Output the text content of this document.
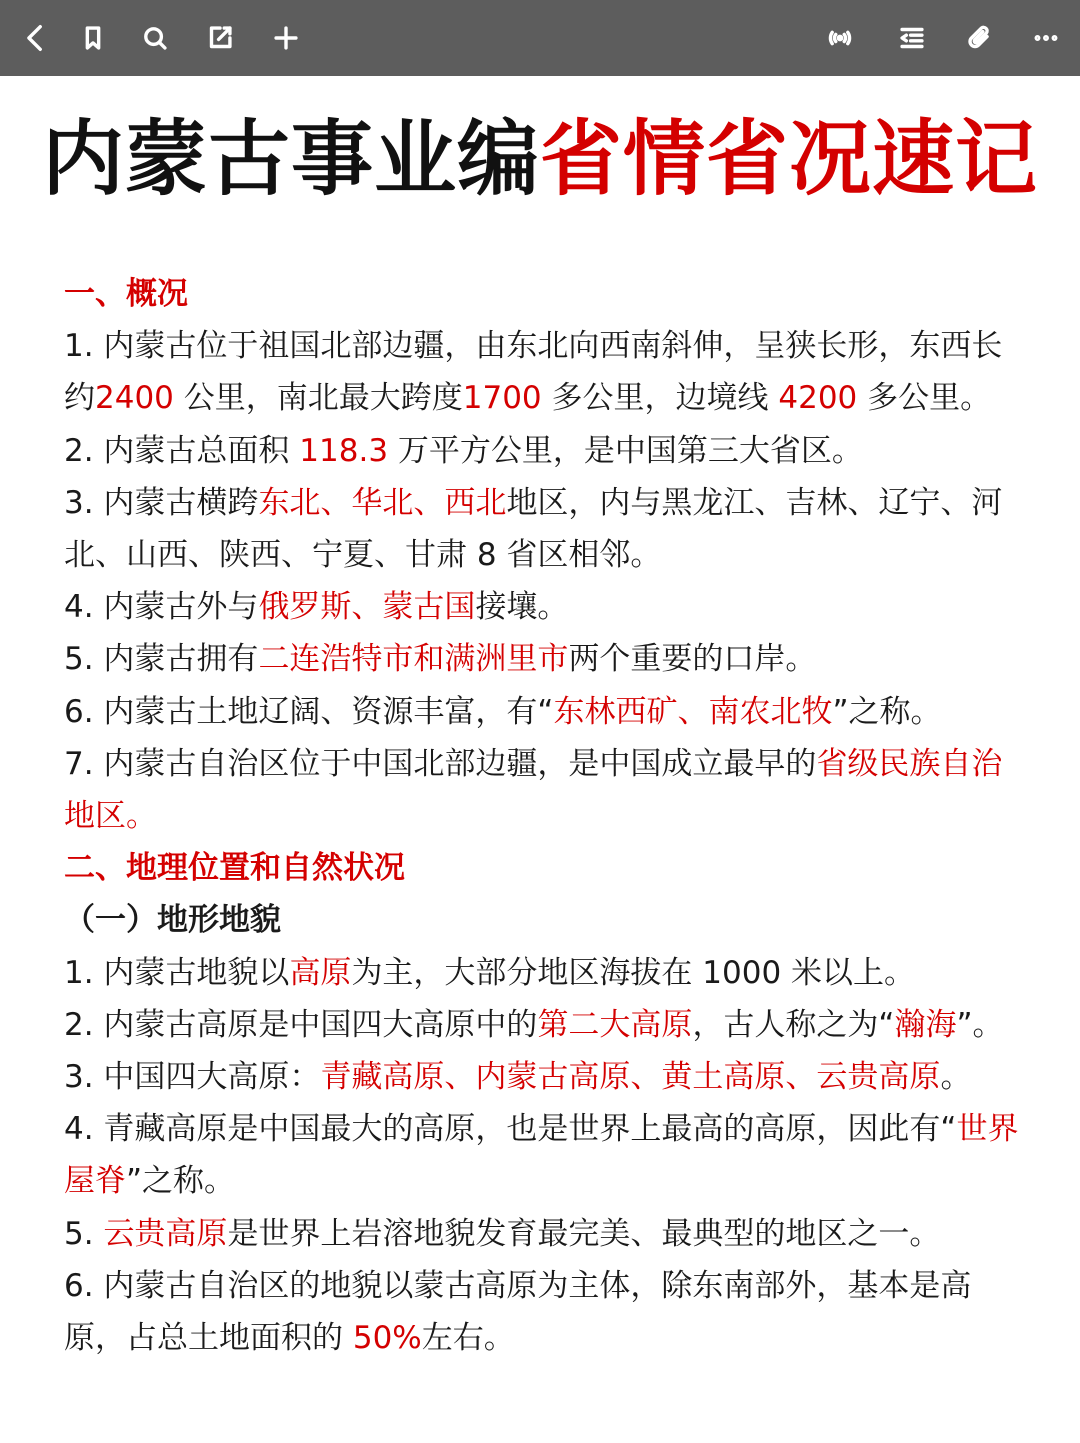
内蒙古事业编省情省况速记

一、概况

1. 内蒙古位于祖国北部边疆，由东北向西南斜伸，呈狭长形，东西长约2400 公里，南北最大跨度1700 多公里，边境线 4200 多公里。

2. 内蒙古总面积 118.3 万平方公里，是中国第三大省区。

3. 内蒙古横跨东北、华北、西北地区，内与黑龙江、吉林、辽宁、河北、山西、陕西、宁夏、甘肃 8 省区相邻。

4. 内蒙古外与俄罗斯、蒙古国接壤。

5. 内蒙古拥有二连浩特市和满洲里市两个重要的口岸。

6. 内蒙古土地辽阔、资源丰富，有“东林西矿、南农北牧”之称。

7. 内蒙古自治区位于中国北部边疆，是中国成立最早的省级民族自治地区。

二、地理位置和自然状况

（一）地形地貌

1. 内蒙古地貌以高原为主，大部分地区海拔在 1000 米以上。

2. 内蒙古高原是中国四大高原中的第二大高原，古人称之为“瀚海”。

3. 中国四大高原：青藏高原、内蒙古高原、黄土高原、云贵高原。

4. 青藏高原是中国最大的高原，也是世界上最高的高原，因此有“世界屋脊”之称。

5. 云贵高原是世界上岩溶地貌发育最完美、最典型的地区之一。

6. 内蒙古自治区的地貌以蒙古高原为主体，除东南部外，基本是高原，占总土地面积的 50%左右。
